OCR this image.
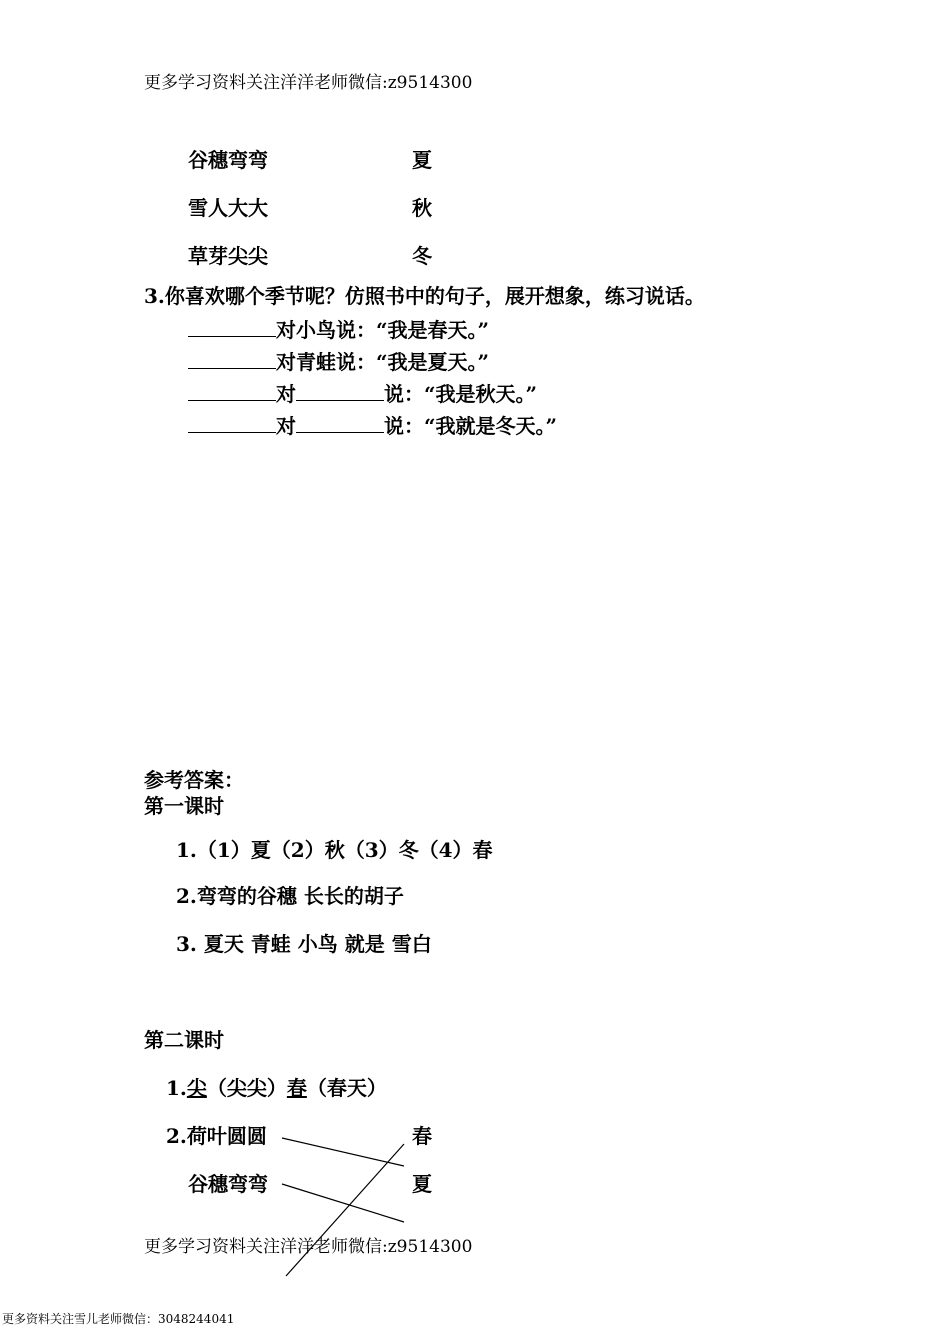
更多学习资料关注洋洋老师微信:z9514300
谷穗弯弯	夏
雪人大大	秋
草芽尖尖	冬
3.你喜欢哪个季节呢？仿照书中的句子，展开想象，练习说话。
对小鸟说：“我是春天。”
对青蛙说：“我是夏天。”
对	说：“我是秋天。”
对	说：“我就是冬天。”
参考答案：
第一课时
1.（1）夏（2）秋（3）冬（4）春
2.弯弯的谷穗 长长的胡子
3. 夏天 青蛙 小鸟 就是 雪白
第二课时
1.尖（尖尖）春（春天）
2.荷叶圆圆	春
谷穗弯弯	夏
更多学习资料关注洋洋老师微信:z9514300
更多资料关注雪儿老师微信：3048244041
